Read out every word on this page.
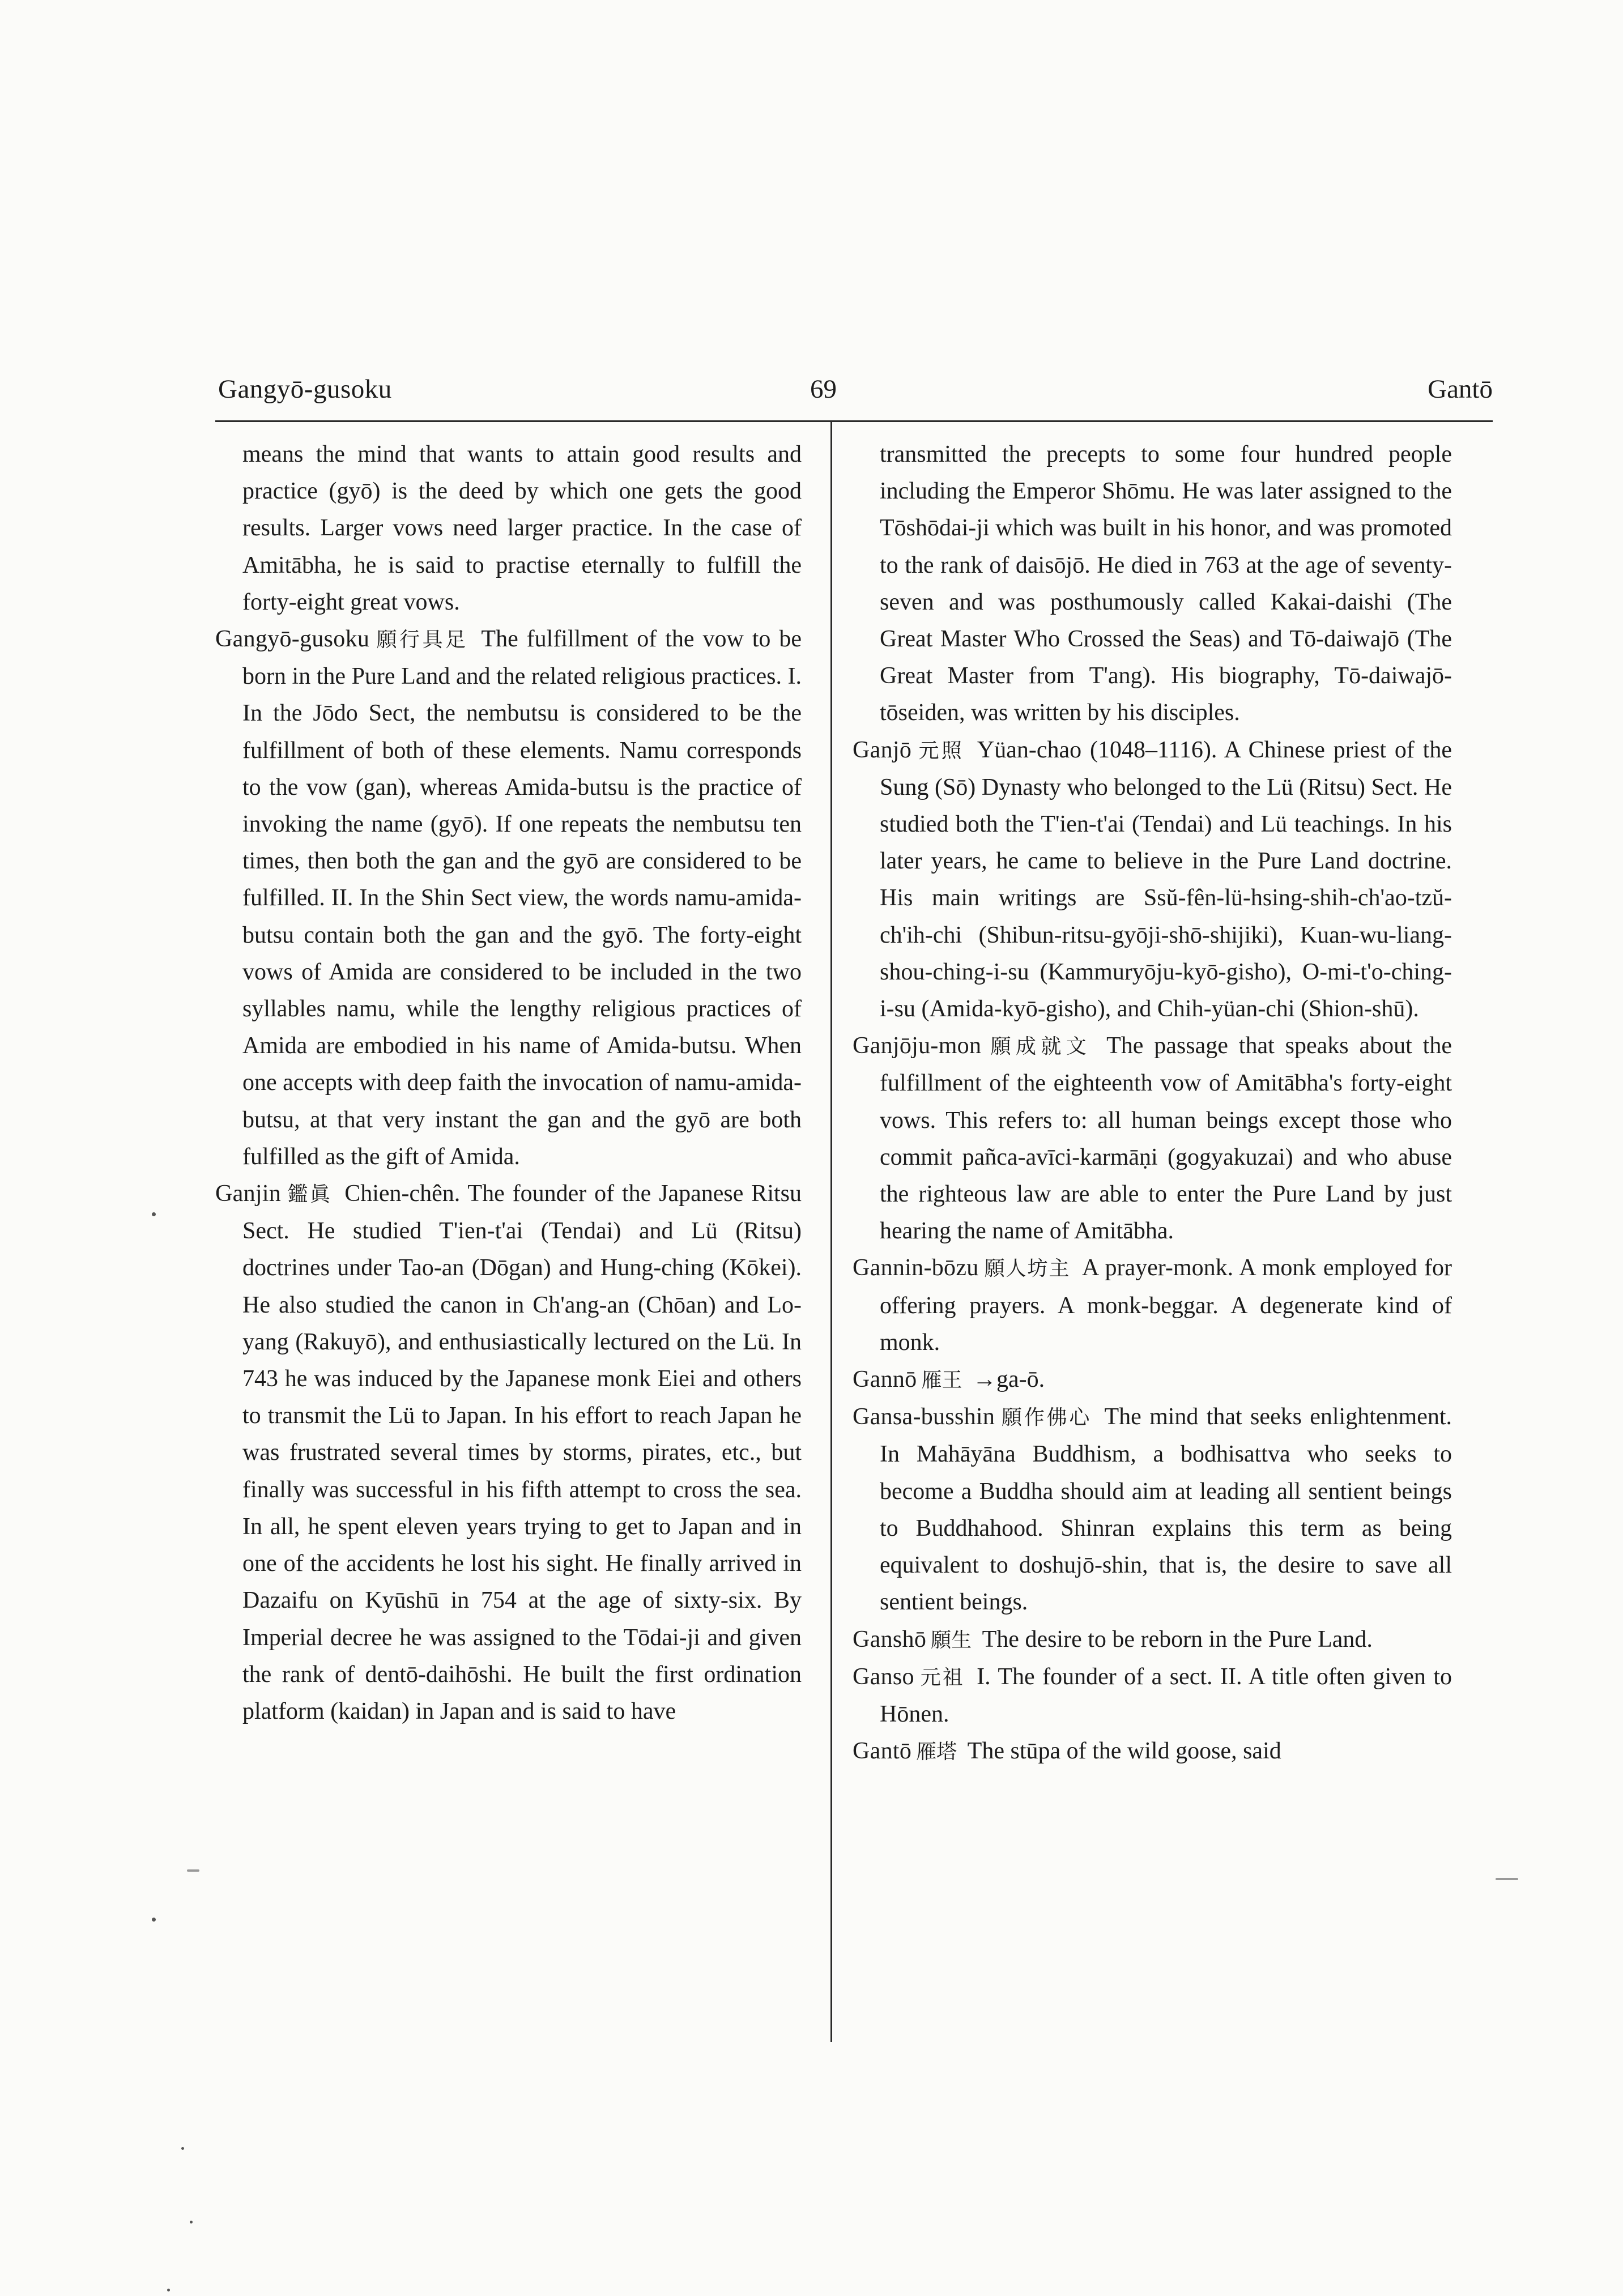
Gangyō-gusoku	69	Gantō

means the mind that wants to attain good results and practice (gyō) is the deed by which one gets the good results. Larger vows need larger practice. In the case of Amitābha, he is said to practise eternally to fulfill the forty-eight great vows.

Gangyō-gusoku 願行具足 The fulfillment of the vow to be born in the Pure Land and the related religious practices. I. In the Jōdo Sect, the nembutsu is considered to be the fulfillment of both of these elements. Namu corresponds to the vow (gan), whereas Amida-butsu is the practice of invoking the name (gyō). If one repeats the nembutsu ten times, then both the gan and the gyō are considered to be fulfilled. II. In the Shin Sect view, the words namu-amida-butsu contain both the gan and the gyō. The forty-eight vows of Amida are considered to be included in the two syllables namu, while the lengthy religious practices of Amida are embodied in his name of Amida-butsu. When one accepts with deep faith the invocation of namu-amida-butsu, at that very instant the gan and the gyō are both fulfilled as the gift of Amida.

Ganjin 鑑眞 Chien-chên. The founder of the Japanese Ritsu Sect. He studied T'ien-t'ai (Tendai) and Lü (Ritsu) doctrines under Tao-an (Dōgan) and Hung-ching (Kōkei). He also studied the canon in Ch'ang-an (Chōan) and Lo-yang (Rakuyō), and enthusiastically lectured on the Lü. In 743 he was induced by the Japanese monk Eiei and others to transmit the Lü to Japan. In his effort to reach Japan he was frustrated several times by storms, pirates, etc., but finally was successful in his fifth attempt to cross the sea. In all, he spent eleven years trying to get to Japan and in one of the accidents he lost his sight. He finally arrived in Dazaifu on Kyūshū in 754 at the age of sixty-six. By Imperial decree he was assigned to the Tōdai-ji and given the rank of dentō-daihōshi. He built the first ordination platform (kaidan) in Japan and is said to have

transmitted the precepts to some four hundred people including the Emperor Shōmu. He was later assigned to the Tōshōdai-ji which was built in his honor, and was promoted to the rank of daisōjō. He died in 763 at the age of seventy-seven and was posthumously called Kakai-daishi (The Great Master Who Crossed the Seas) and Tō-daiwajō (The Great Master from T'ang). His biography, Tō-daiwajō-tōseiden, was written by his disciples.

Ganjō 元照 Yüan-chao (1048–1116). A Chinese priest of the Sung (Sō) Dynasty who belonged to the Lü (Ritsu) Sect. He studied both the T'ien-t'ai (Tendai) and Lü teachings. In his later years, he came to believe in the Pure Land doctrine. His main writings are Ssŭ-fên-lü-hsing-shih-ch'ao-tzŭ-ch'ih-chi (Shibun-ritsu-gyōji-shō-shijiki), Kuan-wu-liang-shou-ching-i-su (Kammuryōju-kyō-gisho), O-mi-t'o-ching-i-su (Amida-kyō-gisho), and Chih-yüan-chi (Shion-shū).

Ganjōju-mon 願成就文 The passage that speaks about the fulfillment of the eighteenth vow of Amitābha's forty-eight vows. This refers to: all human beings except those who commit pañca-avīci-karmāṇi (gogyakuzai) and who abuse the righteous law are able to enter the Pure Land by just hearing the name of Amitābha.

Gannin-bōzu 願人坊主 A prayer-monk. A monk employed for offering prayers. A monk-beggar. A degenerate kind of monk.

Gannō 雁王 →ga-ō.

Gansa-busshin 願作佛心 The mind that seeks enlightenment. In Mahāyāna Buddhism, a bodhisattva who seeks to become a Buddha should aim at leading all sentient beings to Buddhahood. Shinran explains this term as being equivalent to doshujō-shin, that is, the desire to save all sentient beings.

Ganshō 願生 The desire to be reborn in the Pure Land.

Ganso 元祖 I. The founder of a sect. II. A title often given to Hōnen.

Gantō 雁塔 The stūpa of the wild goose, said
